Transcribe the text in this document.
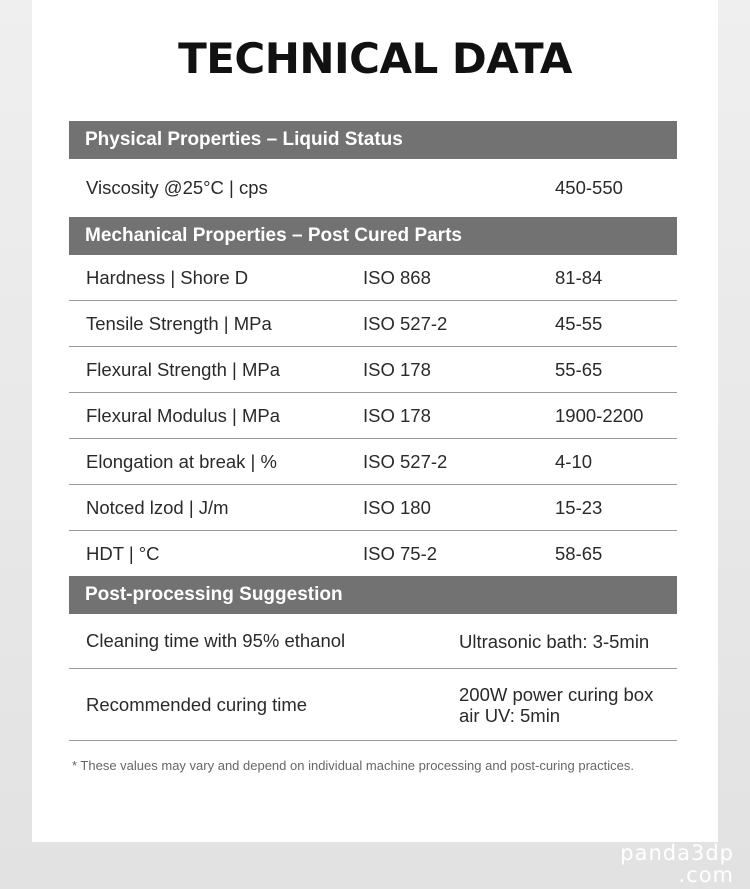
TECHNICAL DATA
Physical Properties – Liquid Status
Viscosity @25°C | cps	450-550
Mechanical Properties – Post Cured Parts
Hardness | Shore D	ISO 868	81-84
Tensile Strength | MPa	ISO 527-2	45-55
Flexural Strength | MPa	ISO 178	55-65
Flexural Modulus | MPa	ISO 178	1900-2200
Elongation at break | %	ISO 527-2	4-10
Notced lzod | J/m	ISO 180	15-23
HDT | °C	ISO 75-2	58-65
Post-processing Suggestion
Cleaning time with 95% ethanol	Ultrasonic bath: 3-5min
Recommended curing time	200W power curing box
air UV: 5min
* These values may vary and depend on individual machine processing and post-curing practices.
panda3dp
.com
